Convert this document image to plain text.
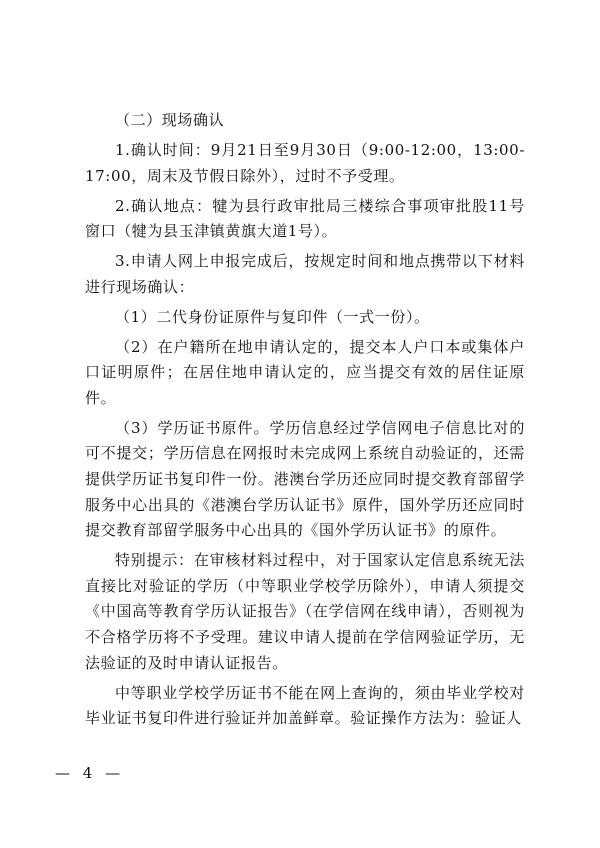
（二）现场确认

1.确认时间：9月21日至9月30日（9:00-12:00，13:00-17:00，周末及节假日除外），过时不予受理。

2.确认地点：犍为县行政审批局三楼综合事项审批股11号窗口（犍为县玉津镇黄旗大道1号）。

3.申请人网上申报完成后，按规定时间和地点携带以下材料进行现场确认：

（1）二代身份证原件与复印件（一式一份）。

（2）在户籍所在地申请认定的，提交本人户口本或集体户口证明原件；在居住地申请认定的，应当提交有效的居住证原件。

（3）学历证书原件。学历信息经过学信网电子信息比对的可不提交；学历信息在网报时未完成网上系统自动验证的，还需提供学历证书复印件一份。港澳台学历还应同时提交教育部留学服务中心出具的《港澳台学历认证书》原件，国外学历还应同时提交教育部留学服务中心出具的《国外学历认证书》的原件。

特别提示：在审核材料过程中，对于国家认定信息系统无法直接比对验证的学历（中等职业学校学历除外），申请人须提交《中国高等教育学历认证报告》（在学信网在线申请），否则视为不合格学历将不予受理。建议申请人提前在学信网验证学历，无法验证的及时申请认证报告。

中等职业学校学历证书不能在网上查询的，须由毕业学校对毕业证书复印件进行验证并加盖鲜章。验证操作方法为：验证人

— 4 —
